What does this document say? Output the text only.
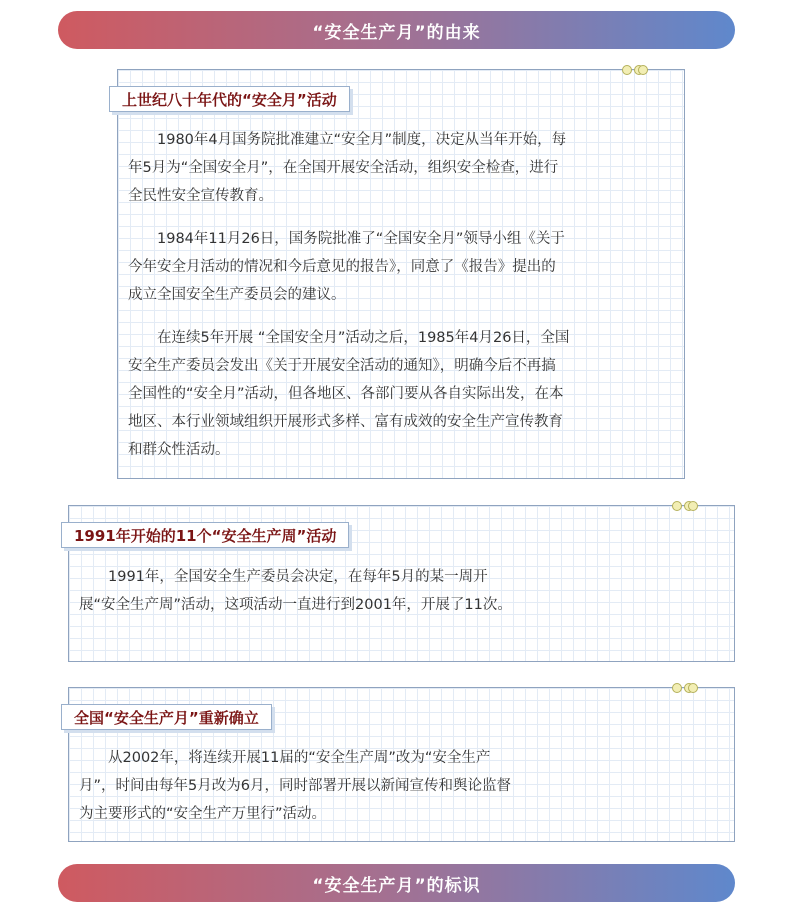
“安全生产月”的由来
上世纪八十年代的“安全月”活动

1980年4月国务院批准建立“安全月”制度，决定从当年开始，每年5月为“全国安全月”，在全国开展安全活动，组织安全检查，进行全民性安全宣传教育。

1984年11月26日，国务院批准了“全国安全月”领导小组《关于今年安全月活动的情况和今后意见的报告》，同意了《报告》提出的成立全国安全生产委员会的建议。

在连续5年开展 “全国安全月”活动之后，1985年4月26日，全国安全生产委员会发出《关于开展安全活动的通知》，明确今后不再搞全国性的“安全月”活动，但各地区、各部门要从各自实际出发，在本地区、本行业领域组织开展形式多样、富有成效的安全生产宣传教育和群众性活动。

1991年开始的11个“安全生产周”活动

1991年，全国安全生产委员会决定，在每年5月的某一周开展“安全生产周”活动，这项活动一直进行到2001年，开展了11次。

全国“安全生产月”重新确立

从2002年，将连续开展11届的“安全生产周”改为“安全生产月”，时间由每年5月改为6月，同时部署开展以新闻宣传和舆论监督为主要形式的“安全生产万里行”活动。

“安全生产月”的标识
